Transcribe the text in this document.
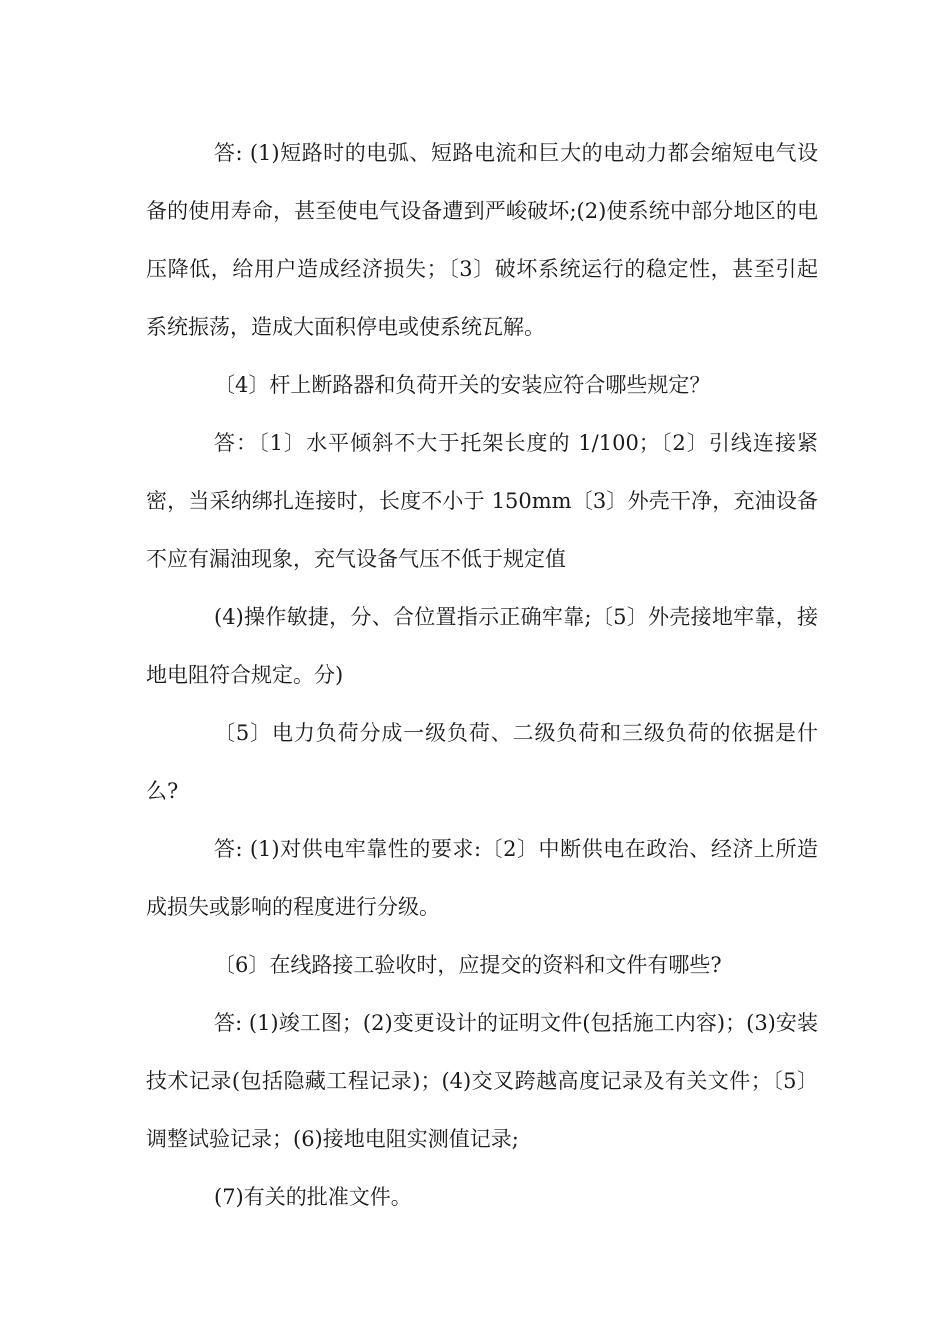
答: (1)短路时的电弧、短路电流和巨大的电动力都会缩短电气设备的使用寿命，甚至使电气设备遭到严峻破坏;(2)使系统中部分地区的电压降低，给用户造成经济损失；〔3〕破坏系统运行的稳定性，甚至引起系统振荡，造成大面积停电或使系统瓦解。

〔4〕杆上断路器和负荷开关的安装应符合哪些规定？

答：〔1〕水平倾斜不大于托架长度的 1/100；〔2〕引线连接紧密，当采纳绑扎连接时，长度不小于 150mm〔3〕外壳干净，充油设备不应有漏油现象，充气设备气压不低于规定值

(4)操作敏捷，分、合位置指示正确牢靠;〔5〕外壳接地牢靠，接地电阻符合规定。分)

〔5〕电力负荷分成一级负荷、二级负荷和三级负荷的依据是什么?

答: (1)对供电牢靠性的要求:〔2〕中断供电在政治、经济上所造成损失或影响的程度进行分级。

〔6〕在线路接工验收时，应提交的资料和文件有哪些?

答: (1)竣工图；(2)变更设计的证明文件(包括施工内容)；(3)安装技术记录(包括隐藏工程记录)；(4)交叉跨越高度记录及有关文件；〔5〕调整试验记录；(6)接地电阻实测值记录;

(7)有关的批准文件。
